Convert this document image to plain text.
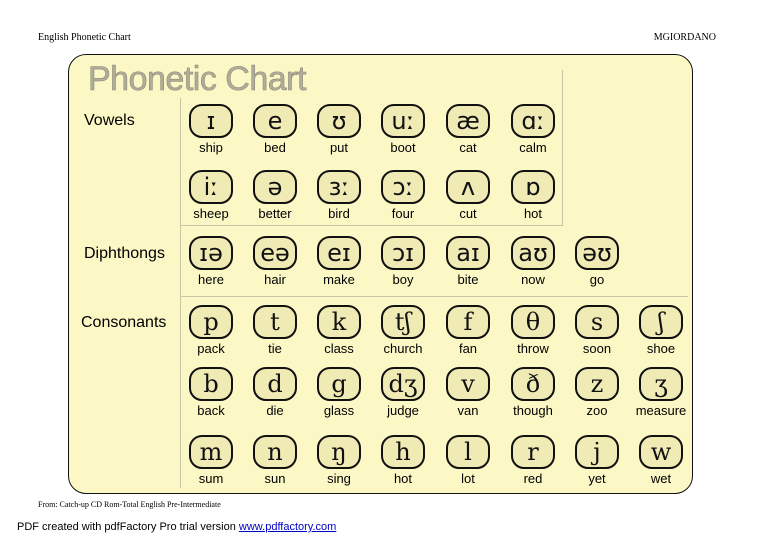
English Phonetic Chart	MGIORDANO
Phonetic Chart
Vowels
Diphthongs
Consonants
ɪ
ship
e
bed
ʊ
put
uː
boot
æ
cat
ɑː
calm
iː
sheep
ə
better
ɜː
bird
ɔː
four
ʌ
cut
ɒ
hot
ɪə
here
eə
hair
eɪ
make
ɔɪ
boy
aɪ
bite
aʊ
now
əʊ
go
p
pack
t
tie
k
class
tʃ
church
f
fan
θ
throw
s
soon
ʃ
shoe
b
back
d
die
g
glass
dʒ
judge
v
van
ð
though
z
zoo
ʒ
measure
m
sum
n
sun
ŋ
sing
h
hot
l
lot
r
red
j
yet
w
wet
From: Catch-up CD Rom-Total English Pre-Intermediate
PDF created with pdfFactory Pro trial version www.pdffactory.com
